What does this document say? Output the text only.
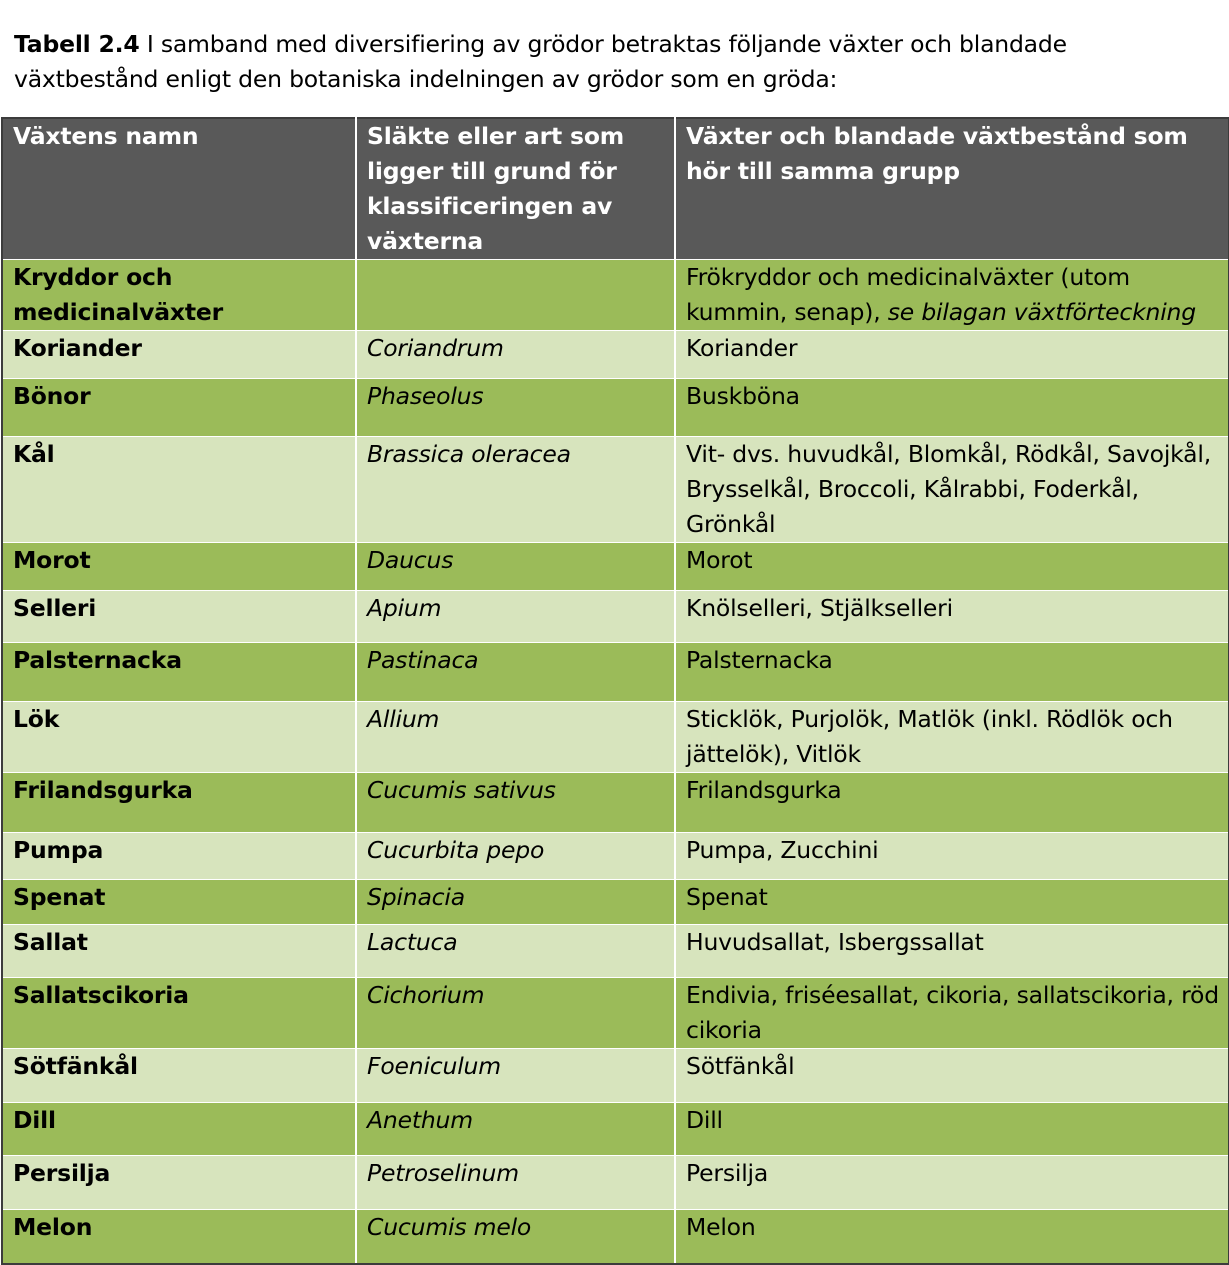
Tabell 2.4 I samband med diversifiering av grödor betraktas följande växter och blandade växtbestånd enligt den botaniska indelningen av grödor som en gröda:
Växtens namn	Släkte eller art som ligger till grund för klassificeringen av växterna	Växter och blandade växtbestånd som hör till samma grupp
Kryddor och medicinalväxter		Frökryddor och medicinalväxter (utom kummin, senap), se bilagan växtförteckning
Koriander	Coriandrum	Koriander
Bönor	Phaseolus	Buskböna
Kål	Brassica oleracea	Vit- dvs. huvudkål, Blomkål, Rödkål, Savojkål, Brysselkål, Broccoli, Kålrabbi, Foderkål, Grönkål
Morot	Daucus	Morot
Selleri	Apium	Knölselleri, Stjälkselleri
Palsternacka	Pastinaca	Palsternacka
Lök	Allium	Sticklök, Purjolök, Matlök (inkl. Rödlök och jättelök), Vitlök
Frilandsgurka	Cucumis sativus	Frilandsgurka
Pumpa	Cucurbita pepo	Pumpa, Zucchini
Spenat	Spinacia	Spenat
Sallat	Lactuca	Huvudsallat, Isbergssallat
Sallatscikoria	Cichorium	Endivia, friséesallat, cikoria, sallatscikoria, röd cikoria
Sötfänkål	Foeniculum	Sötfänkål
Dill	Anethum	Dill
Persilja	Petroselinum	Persilja
Melon	Cucumis melo	Melon
